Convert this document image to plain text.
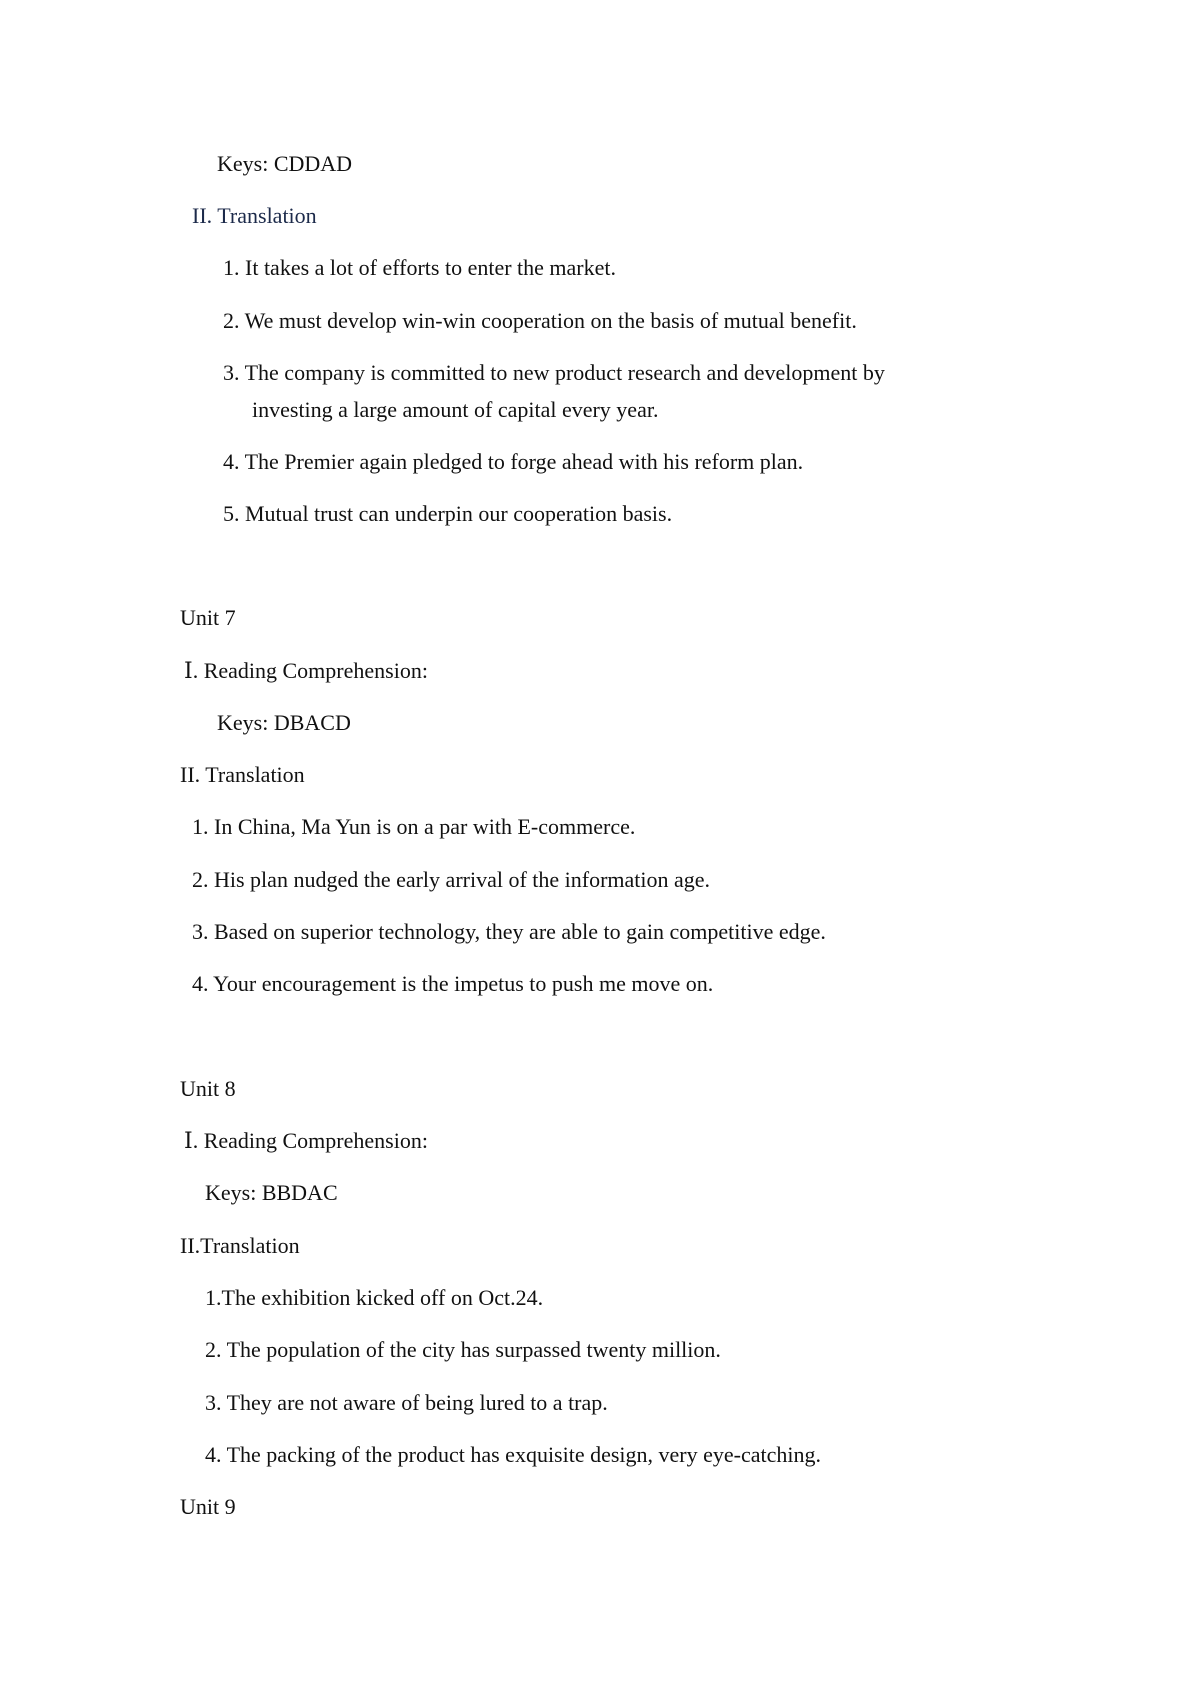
Keys: CDDAD
II. Translation
1. It takes a lot of efforts to enter the market.
2. We must develop win-win cooperation on the basis of mutual benefit.
3. The company is committed to new product research and development by
investing a large amount of capital every year.
4. The Premier again pledged to forge ahead with his reform plan.
5. Mutual trust can underpin our cooperation basis.
Unit 7
Ⅰ. Reading Comprehension:
Keys: DBACD
II. Translation
1. In China, Ma Yun is on a par with E-commerce.
2. His plan nudged the early arrival of the information age.
3. Based on superior technology, they are able to gain competitive edge.
4. Your encouragement is the impetus to push me move on.
Unit 8
Ⅰ. Reading Comprehension:
Keys: BBDAC
II.Translation
1.The exhibition kicked off on Oct.24.
2. The population of the city has surpassed twenty million.
3. They are not aware of being lured to a trap.
4. The packing of the product has exquisite design, very eye-catching.
Unit 9
